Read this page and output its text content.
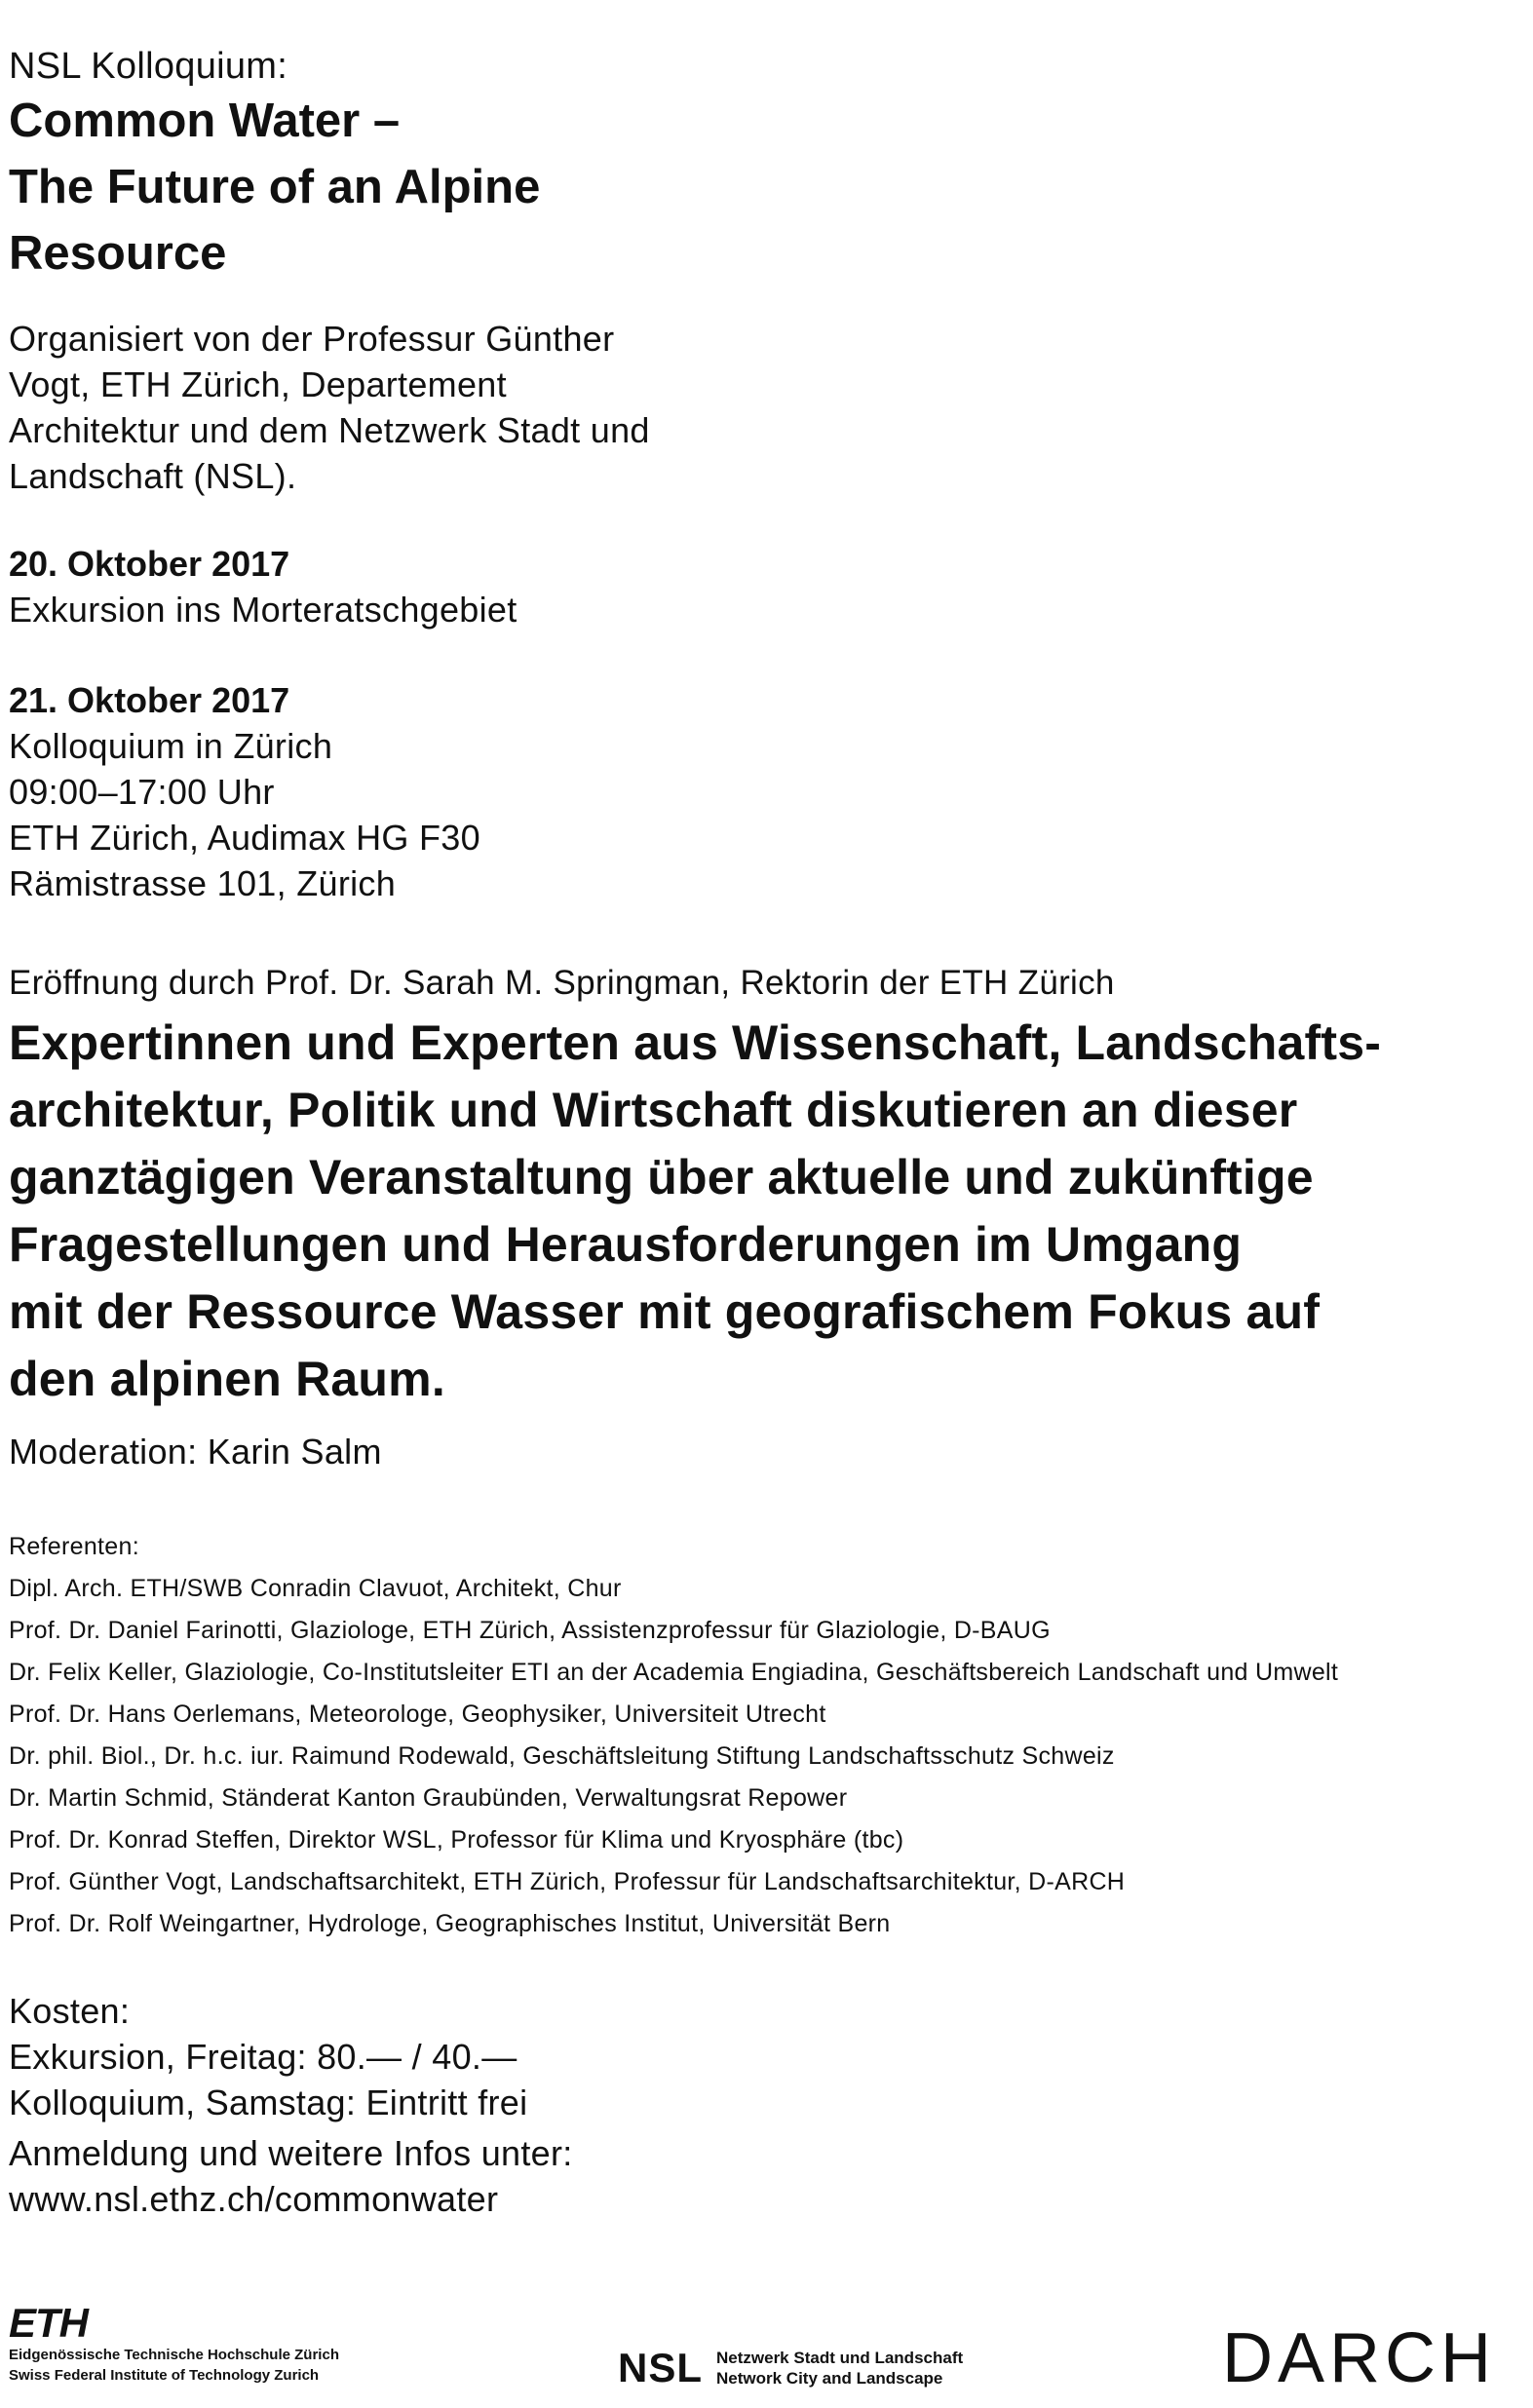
NSL Kolloquium:

Common Water –
The Future of an Alpine
Resource
Organisiert von der Professur Günther
Vogt, ETH Zürich, Departement
Architektur und dem Netzwerk Stadt und
Landschaft (NSL).
20. Oktober 2017
Exkursion ins Morteratschgebiet
21. Oktober 2017
Kolloquium in Zürich
09:00–17:00 Uhr
ETH Zürich, Audimax HG F30
Rämistrasse 101, Zürich

Eröffnung durch Prof. Dr. Sarah M. Springman, Rektorin der ETH Zürich

Expertinnen und Experten aus Wissenschaft, Landschafts-
architektur, Politik und Wirtschaft diskutieren an dieser
ganztägigen Veranstaltung über aktuelle und zukünftige
Fragestellungen und Herausforderungen im Umgang
mit der Ressource Wasser mit geografischem Fokus auf
den alpinen Raum.

Moderation: Karin Salm

Referenten:
Dipl. Arch. ETH/SWB Conradin Clavuot, Architekt, Chur
Prof. Dr. Daniel Farinotti, Glaziologe, ETH Zürich, Assistenzprofessur für Glaziologie, D-BAUG
Dr. Felix Keller, Glaziologie, Co-Institutsleiter ETI an der Academia Engiadina, Geschäftsbereich Landschaft und Umwelt
Prof. Dr. Hans Oerlemans, Meteorologe, Geophysiker, Universiteit Utrecht
Dr. phil. Biol., Dr. h.c. iur. Raimund Rodewald, Geschäftsleitung Stiftung Landschaftsschutz Schweiz
Dr. Martin Schmid, Ständerat Kanton Graubünden, Verwaltungsrat Repower
Prof. Dr. Konrad Steffen, Direktor WSL, Professor für Klima und Kryosphäre (tbc)
Prof. Günther Vogt, Landschaftsarchitekt, ETH Zürich, Professur für Landschaftsarchitektur, D-ARCH
Prof. Dr. Rolf Weingartner, Hydrologe, Geographisches Institut, Universität Bern
Kosten:
Exkursion, Freitag: 80.— / 40.—
Kolloquium, Samstag: Eintritt frei
Anmeldung und weitere Infos unter:
www.nsl.ethz.ch/commonwater
ETH
Eidgenössische Technische Hochschule Zürich
Swiss Federal Institute of Technology Zurich	NSL Netzwerk Stadt und Landschaft
Network City and Landscape	DARCH
